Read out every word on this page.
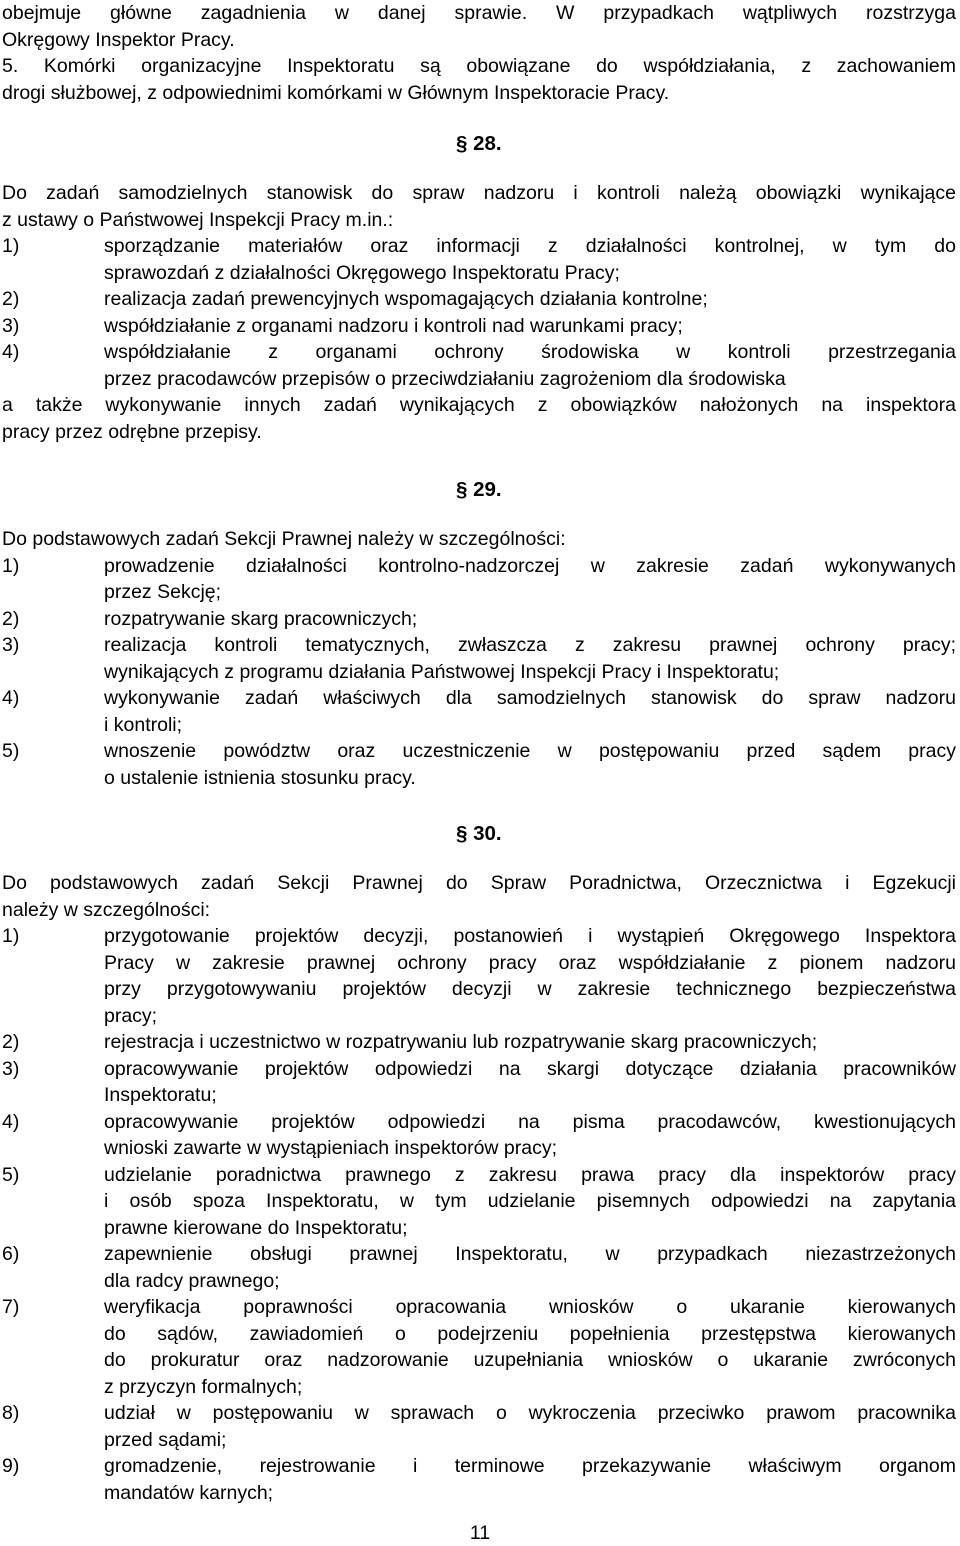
obejmuje główne zagadnienia w danej sprawie. W przypadkach wątpliwych rozstrzyga
Okręgowy Inspektor Pracy.
5. Komórki organizacyjne Inspektoratu są obowiązane do współdziałania, z zachowaniem
drogi służbowej, z odpowiednimi komórkami w Głównym Inspektoracie Pracy.
§ 28.
Do zadań samodzielnych stanowisk do spraw nadzoru i kontroli należą obowiązki wynikające
z ustawy o Państwowej Inspekcji Pracy m.in.:
1)	sporządzanie materiałów oraz informacji z działalności kontrolnej, w tym do
sprawozdań z działalności Okręgowego Inspektoratu Pracy;
2)	realizacja zadań prewencyjnych wspomagających działania kontrolne;
3)	współdziałanie z organami nadzoru i kontroli nad warunkami pracy;
4)	współdziałanie z organami ochrony środowiska w kontroli przestrzegania
przez pracodawców przepisów o przeciwdziałaniu zagrożeniom dla środowiska
a także wykonywanie innych zadań wynikających z obowiązków nałożonych na inspektora
pracy przez odrębne przepisy.
§ 29.
Do podstawowych zadań Sekcji Prawnej należy w szczególności:
1)	prowadzenie działalności kontrolno-nadzorczej w zakresie zadań wykonywanych
przez Sekcję;
2)	rozpatrywanie skarg pracowniczych;
3)	realizacja kontroli tematycznych, zwłaszcza z zakresu prawnej ochrony pracy;
wynikających z programu działania Państwowej Inspekcji Pracy i Inspektoratu;
4)	wykonywanie zadań właściwych dla samodzielnych stanowisk do spraw nadzoru
i kontroli;
5)	wnoszenie powództw oraz uczestniczenie w postępowaniu przed sądem pracy
o ustalenie istnienia stosunku pracy.
§ 30.
Do podstawowych zadań Sekcji Prawnej do Spraw Poradnictwa, Orzecznictwa i Egzekucji
należy w szczególności:
1)	przygotowanie projektów decyzji, postanowień i wystąpień Okręgowego Inspektora
Pracy w zakresie prawnej ochrony pracy oraz współdziałanie z pionem nadzoru
przy przygotowywaniu projektów decyzji w zakresie technicznego bezpieczeństwa
pracy;
2)	rejestracja i uczestnictwo w rozpatrywaniu lub rozpatrywanie skarg pracowniczych;
3)	opracowywanie projektów odpowiedzi na skargi dotyczące działania pracowników
Inspektoratu;
4)	opracowywanie projektów odpowiedzi na pisma pracodawców, kwestionujących
wnioski zawarte w wystąpieniach inspektorów pracy;
5)	udzielanie poradnictwa prawnego z zakresu prawa pracy dla inspektorów pracy
i osób spoza Inspektoratu, w tym udzielanie pisemnych odpowiedzi na zapytania
prawne kierowane do Inspektoratu;
6)	zapewnienie obsługi prawnej Inspektoratu, w przypadkach niezastrzeżonych
dla radcy prawnego;
7)	weryfikacja poprawności opracowania wniosków o ukaranie kierowanych
do sądów, zawiadomień o podejrzeniu popełnienia przestępstwa kierowanych
do prokuratur oraz nadzorowanie uzupełniania wniosków o ukaranie zwróconych
z przyczyn formalnych;
8)	udział w postępowaniu w sprawach o wykroczenia przeciwko prawom pracownika
przed sądami;
9)	gromadzenie, rejestrowanie i terminowe przekazywanie właściwym organom
mandatów karnych;
11
